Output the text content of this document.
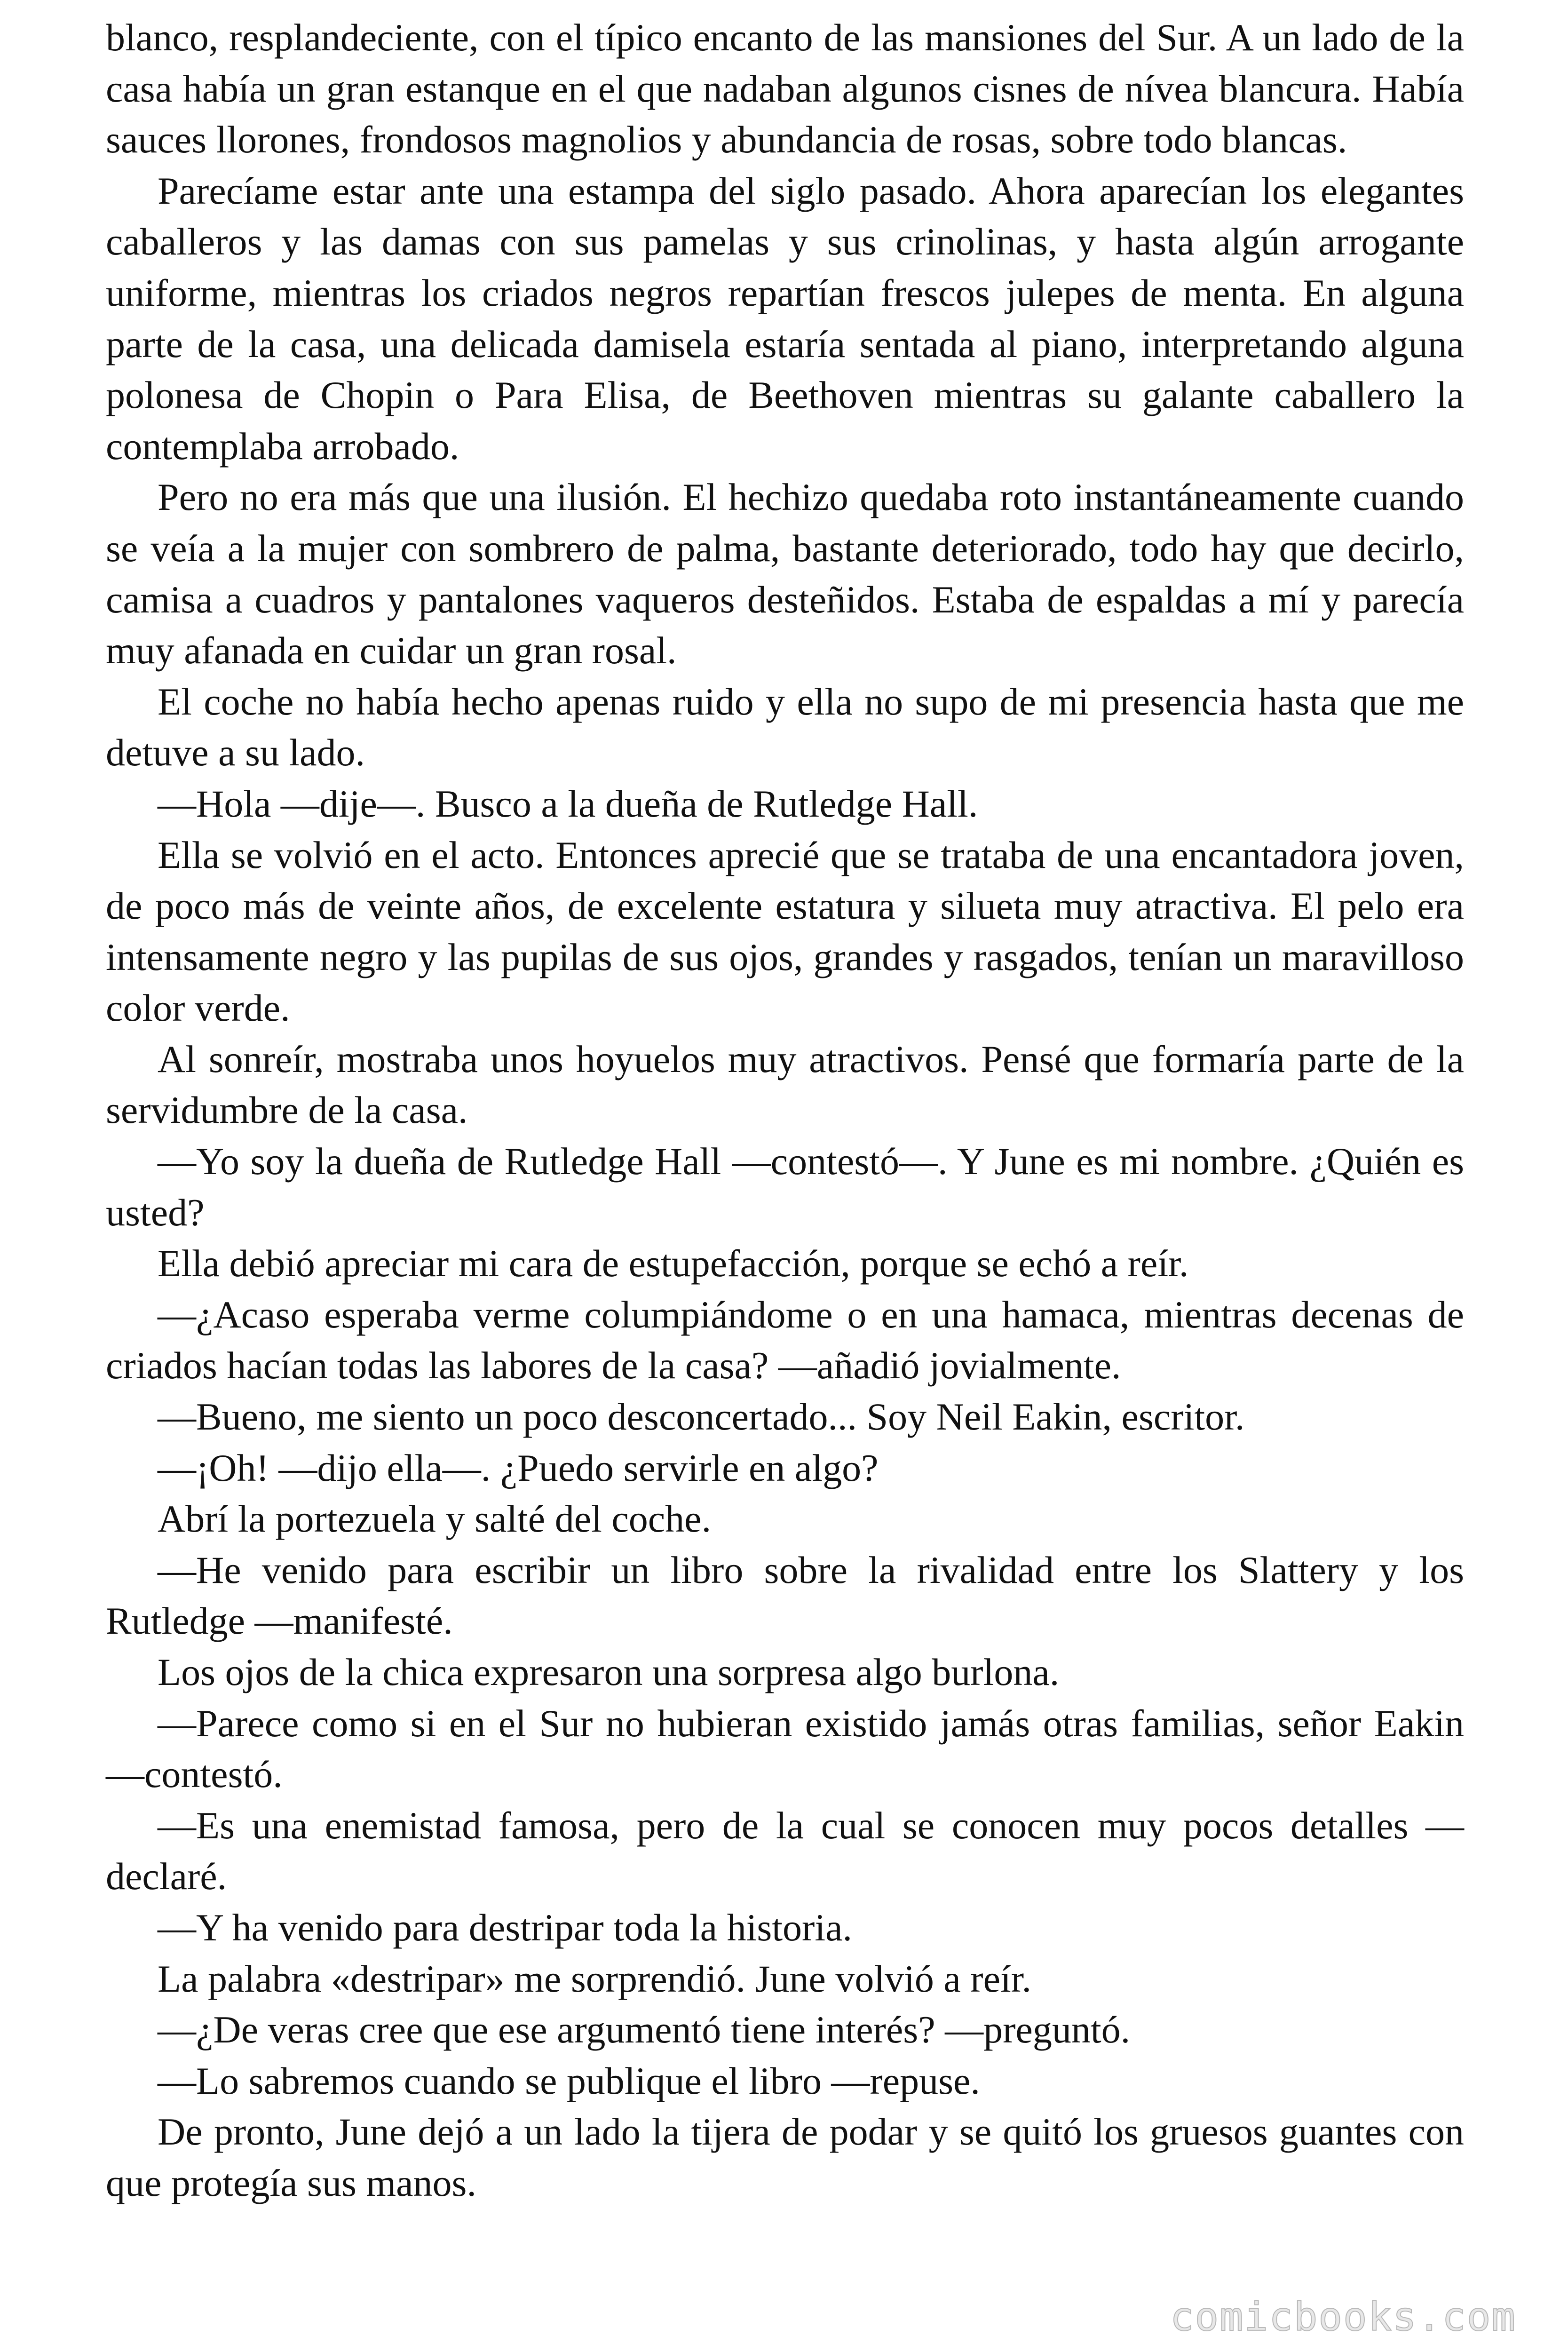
blanco, resplandeciente, con el típico encanto de las mansiones del Sur. A un lado de la casa había un gran estanque en el que nadaban algunos cisnes de nívea blancura. Había sauces llorones, frondosos magnolios y abundancia de rosas, sobre todo blancas.

Parecíame estar ante una estampa del siglo pasado. Ahora aparecían los elegantes caballeros y las damas con sus pamelas y sus crinolinas, y hasta algún arrogante uniforme, mientras los criados negros repartían frescos julepes de menta. En alguna parte de la casa, una delicada damisela estaría sentada al piano, interpretando alguna polonesa de Chopin o Para Elisa, de Beethoven mientras su galante caballero la contemplaba arrobado.

Pero no era más que una ilusión. El hechizo quedaba roto instantáneamente cuando se veía a la mujer con sombrero de palma, bastante deteriorado, todo hay que decirlo, camisa a cuadros y pantalones vaqueros desteñidos. Estaba de espaldas a mí y parecía muy afanada en cuidar un gran rosal.

El coche no había hecho apenas ruido y ella no supo de mi presencia hasta que me detuve a su lado.

—Hola —dije—. Busco a la dueña de Rutledge Hall.

Ella se volvió en el acto. Entonces aprecié que se trataba de una encantadora joven, de poco más de veinte años, de excelente estatura y silueta muy atractiva. El pelo era intensamente negro y las pupilas de sus ojos, grandes y rasgados, tenían un maravilloso color verde.

Al sonreír, mostraba unos hoyuelos muy atractivos. Pensé que formaría parte de la servidumbre de la casa.

—Yo soy la dueña de Rutledge Hall —contestó—. Y June es mi nombre. ¿Quién es usted?

Ella debió apreciar mi cara de estupefacción, porque se echó a reír.

—¿Acaso esperaba verme columpiándome o en una hamaca, mientras decenas de criados hacían todas las labores de la casa? —añadió jovialmente.

—Bueno, me siento un poco desconcertado... Soy Neil Eakin, escritor.

—¡Oh! —dijo ella—. ¿Puedo servirle en algo?

Abrí la portezuela y salté del coche.

—He venido para escribir un libro sobre la rivalidad entre los Slattery y los Rutledge —manifesté.

Los ojos de la chica expresaron una sorpresa algo burlona.

—Parece como si en el Sur no hubieran existido jamás otras familias, señor Eakin —contestó.

—Es una enemistad famosa, pero de la cual se conocen muy pocos detalles — declaré.

—Y ha venido para destripar toda la historia.

La palabra «destripar» me sorprendió. June volvió a reír.

—¿De veras cree que ese argumentó tiene interés? —preguntó.

—Lo sabremos cuando se publique el libro —repuse.

De pronto, June dejó a un lado la tijera de podar y se quitó los gruesos guantes con que protegía sus manos.

comicbooks.com
